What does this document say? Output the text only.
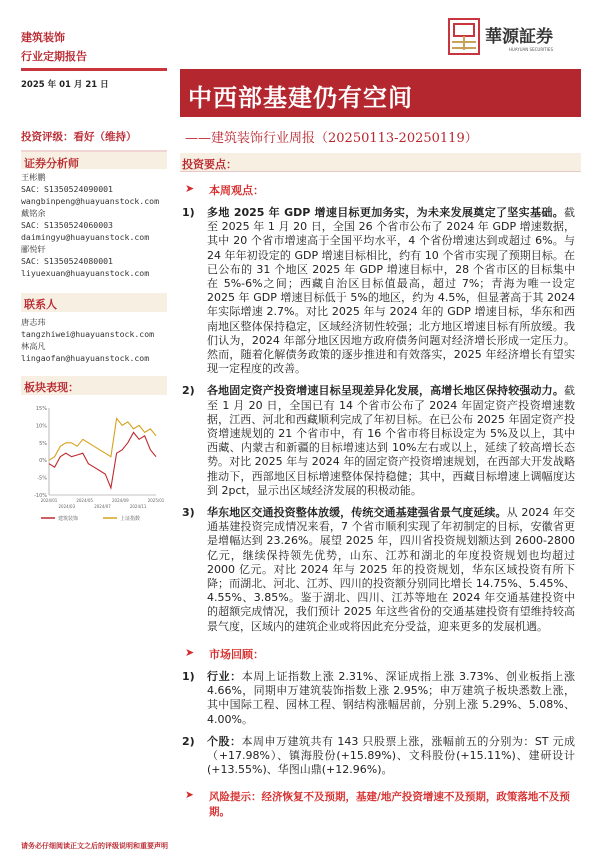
建筑装饰
行业定期报告
2025 年 01 月 21 日
投资评级：看好（维持）
華源証券
HUAYUAN SECURITIES
中西部基建仍有空间
——建筑装饰行业周报（20250113-20250119）
投资要点：
证券分析师
王彬鹏
SAC：S1350524090001
wangbinpeng@huayuanstock.com
戴铭余
SAC：S1350524060003
daimingyu@huayuanstock.com
郦悦轩
SAC：S1350524080001
liyuexuan@huayuanstock.com
联系人
唐志玮
tangzhiwei@huayuanstock.com
林高凡
lingaofan@huayuanstock.com
板块表现：
15%
10%
5%
0%
-5%
-10%
2024/01
2024/03
2024/05
2024/07
2024/09
2024/11
2025/01
建筑装饰	上证指数
➤	本周观点：
1)	多地 2025 年 GDP 增速目标更加务实，为未来发展奠定了坚实基础。截至 2025 年 1 月 20 日，全国 26 个省市公布了 2024 年 GDP 增速数据，其中 20 个省市增速高于全国平均水平，4 个省份增速达到或超过 6%。与 24 年年初设定的 GDP 增速目标相比，约有 10 个省市实现了预期目标。在已公布的 31 个地区 2025 年 GDP 增速目标中，28 个省市区的目标集中在 5%-6%之间；西藏自治区目标值最高，超过 7%；青海为唯一设定 2025 年 GDP 增速目标低于 5%的地区，约为 4.5%，但显著高于其 2024 年实际增速 2.7%。对比 2025 年与 2024 年的 GDP 增速目标，华东和西南地区整体保持稳定，区域经济韧性较强；北方地区增速目标有所放缓。我们认为，2024 年部分地区因地方政府债务问题对经济增长形成一定压力。然而，随着化解债务政策的逐步推进和有效落实，2025 年经济增长有望实现一定程度的改善。
2)	各地固定资产投资增速目标呈现差异化发展，高增长地区保持较强动力。截至 1 月 20 日，全国已有 14 个省市公布了 2024 年固定资产投资增速数据，江西、河北和西藏顺利完成了年初目标。在已公布 2025 年固定资产投资增速规划的 21 个省市中，有 16 个省市将目标设定为 5%及以上，其中西藏、内蒙古和新疆的目标增速达到 10%左右或以上，延续了较高增长态势。对比 2025 年与 2024 年的固定资产投资增速规划，在西部大开发战略推动下，西部地区目标增速整体保持稳健；其中，西藏目标增速上调幅度达到 2pct，显示出区域经济发展的积极动能。
3)	华东地区交通投资整体放缓，传统交通基建强省景气度延续。从 2024 年交通基建投资完成情况来看，7 个省市顺利实现了年初制定的目标，安徽省更是增幅达到 23.26%。展望 2025 年，四川省投资规划额达到 2600-2800 亿元，继续保持领先优势，山东、江苏和湖北的年度投资规划也均超过 2000 亿元。对比 2024 年与 2025 年的投资规划，华东区域投资有所下降；而湖北、河北、江苏、四川的投资额分别同比增长 14.75%、5.45%、4.55%、3.85%。鉴于湖北、四川、江苏等地在 2024 年交通基建投资中的超额完成情况，我们预计 2025 年这些省份的交通基建投资有望维持较高景气度，区域内的建筑企业或将因此充分受益，迎来更多的发展机遇。
➤	市场回顾：
1)	行业：本周上证指数上涨 2.31%、深证成指上涨 3.73%、创业板指上涨 4.66%，同期申万建筑装饰指数上涨 2.95%；申万建筑子板块悉数上涨，其中国际工程、园林工程、钢结构涨幅居前，分别上涨 5.29%、5.08%、4.00%。
2)	个股：本周申万建筑共有 143 只股票上涨，涨幅前五的分别为：ST 元成（+17.98%）、镇海股份(+15.89%)、文科股份(+15.11%)、建研设计(+13.55%)、华图山鼎(+12.96%)。
➤	风险提示：经济恢复不及预期，基建/地产投资增速不及预期，政策落地不及预期。
请务必仔细阅读正文之后的评级说明和重要声明
